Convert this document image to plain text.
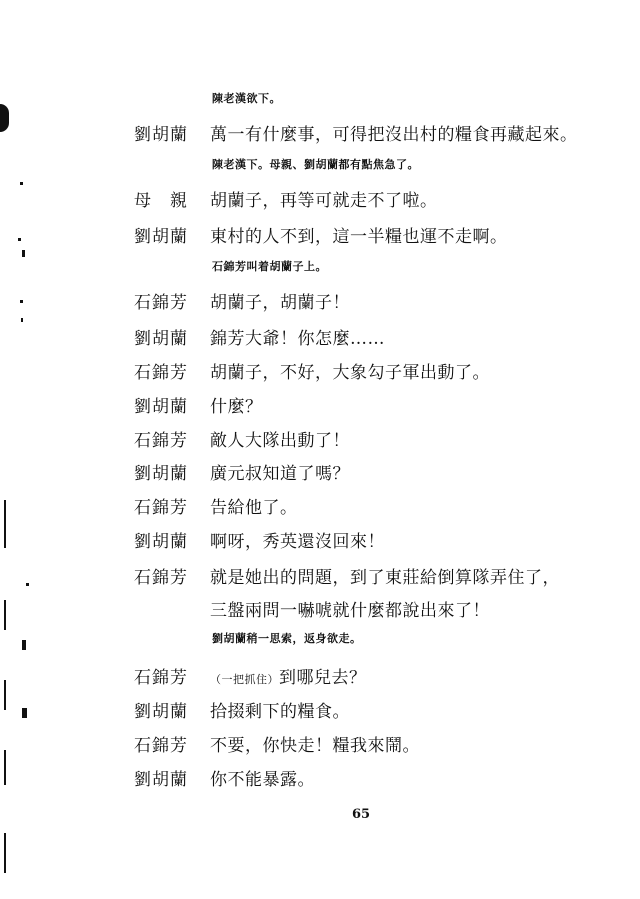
陳老漢欲下。
劉胡蘭 萬一有什麼事，可得把沒出村的糧食再藏起來。
陳老漢下。母親、劉胡蘭都有點焦急了。
母　親 胡蘭子，再等可就走不了啦。
劉胡蘭 東村的人不到，這一半糧也運不走啊。
石錦芳叫着胡蘭子上。
石錦芳 胡蘭子，胡蘭子！
劉胡蘭 錦芳大爺！你怎麼……
石錦芳 胡蘭子，不好，大象勾子軍出動了。
劉胡蘭 什麼？
石錦芳 敵人大隊出動了！
劉胡蘭 廣元叔知道了嗎？
石錦芳 告給他了。
劉胡蘭 啊呀，秀英還沒回來！
石錦芳 就是她出的問題，到了東莊給倒算隊弄住了，
三盤兩問一嚇唬就什麼都說出來了！
劉胡蘭稍一思索，返身欲走。
石錦芳 （一把抓住）到哪兒去？
劉胡蘭 拾掇剩下的糧食。
石錦芳 不要，你快走！糧我來鬧。
劉胡蘭 你不能暴露。
65
